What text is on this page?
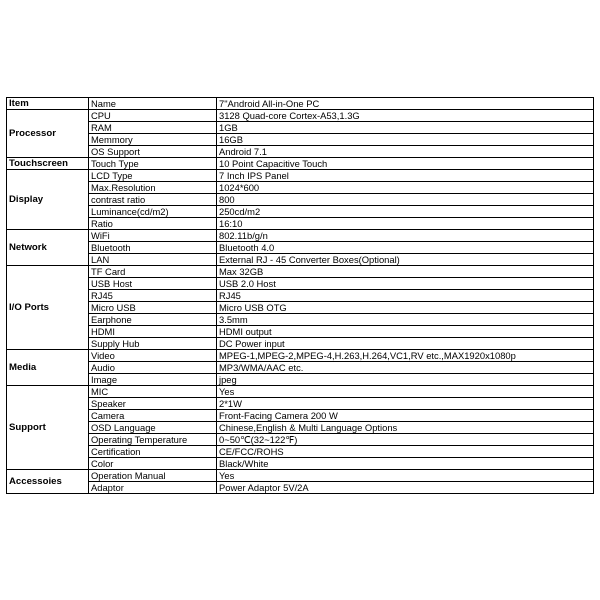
Item	Name	7"Android All-in-One PC
Processor	CPU	3128 Quad-core Cortex-A53,1.3G
	RAM	1GB
	Memmory	16GB
	OS Support	Android 7.1
Touchscreen	Touch Type	10 Point Capacitive Touch
Display	LCD Type	7 Inch IPS Panel
	Max.Resolution	1024*600
	contrast ratio	800
	Luminance(cd/m2)	250cd/m2
	Ratio	16:10
Network	WiFi	802.11b/g/n
	Bluetooth	Bluetooth 4.0
	LAN	External RJ - 45 Converter Boxes(Optional)
I/O Ports	TF Card	Max 32GB
	USB Host	USB 2.0 Host
	RJ45	RJ45
	Micro USB	Micro USB OTG
	Earphone	3.5mm
	HDMI	HDMI output
	Supply Hub	DC Power input
Media	Video	MPEG-1,MPEG-2,MPEG-4,H.263,H.264,VC1,RV etc.,MAX1920x1080p
	Audio	MP3/WMA/AAC etc.
	Image	jpeg
Support	MIC	Yes
	Speaker	2*1W
	Camera	Front-Facing Camera 200 W
	OSD Language	Chinese,English & Multi Language Options
	Operating Temperature	0~50℃(32~122℉)
	Certification	CE/FCC/ROHS
	Color	Black/White
Accessoies	Operation Manual	Yes
	Adaptor	Power Adaptor 5V/2A
